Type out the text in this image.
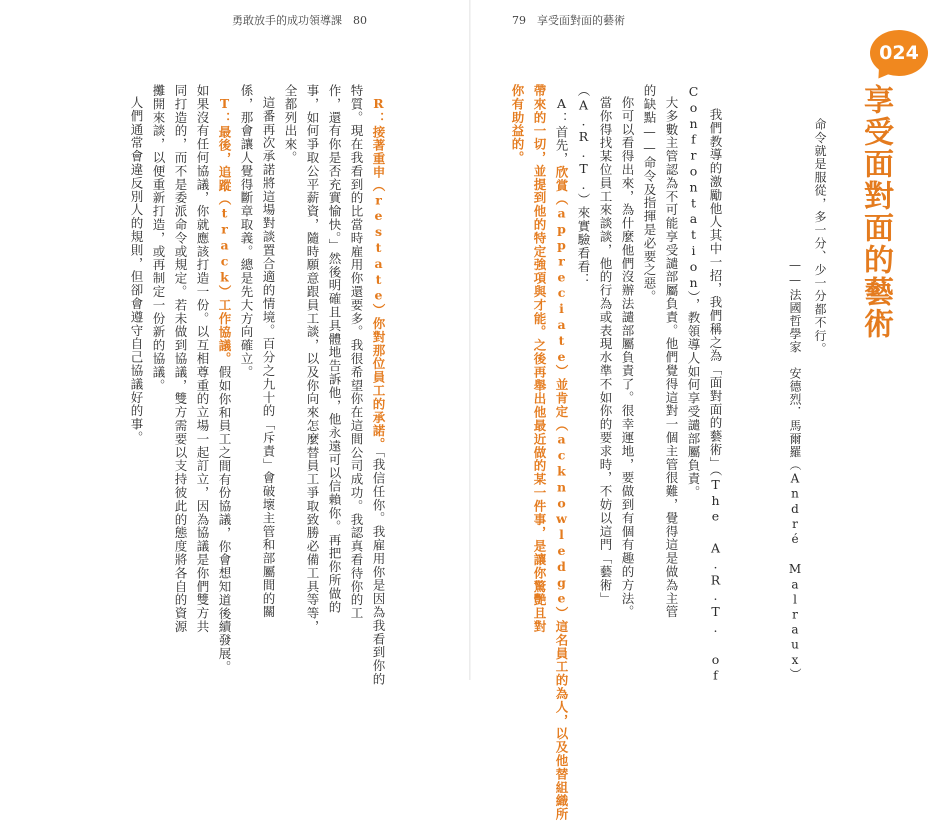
勇敢放手的成功領導課　80	79　享受面對面的藝術
024
享受面對面的藝術
命令就是服從，多一分、少一分都不行。
——法國哲學家　安德烈．馬爾羅（André Malraux）
我們教導的激勵他人其中一招，我們稱之為「面對面的藝術」（The A.R.T. of
Confrontation），教領導人如何享受譴部屬負責。
大多數主管認為不可能享受譴部屬負責。他們覺得這對一個主管很難，覺得這是做為主管
的缺點——命令及指揮是必要之惡。
你可以看得出來，為什麼他們沒辦法譴部屬負責了。很幸運地，要做到有個有趣的方法。
當你得找某位員工來談談，他的行為或表現水準不如你的要求時，不妨以這門「藝術」
（A.R.T.）來實驗看看：
A：首先，欣賞（appreciate）並肯定（acknowledge）這名員工的為人，以及他替組織所
帶來的一切，並提到他的特定強項與才能。之後再舉出他最近做的某一件事，是讓你驚艷且對
你有助益的。
R：接著重申（restate）你對那位員工的承諾。「我信任你。我雇用你是因為我看到你的
特質。現在我看到的比當時雇用你還要多。我很希望你在這間公司成功。我認真看待你的工
作，還有你是否充實愉快。」然後明確且具體地告訴他，他永遠可以信賴你。再把你所做的
事，如何爭取公平薪資，隨時願意跟員工談，以及你向來怎麼替員工爭取致勝必備工具等等，
全都列出來。
這番再次承諾將這場對談置合適的情境。百分之九十的「斥責」會破壞主管和部屬間的關
係，那會讓人覺得斷章取義。總是先大方向確立。
T：最後，追蹤（track）工作協議。假如你和員工之間有份協議，你會想知道後續發展。
如果沒有任何協議，你就應該打造一份。以互相尊重的立場一起訂立，因為協議是你們雙方共
同打造的，而不是委派命令或規定。若未做到協議，雙方需要以支持彼此的態度將各自的資源
攤開來談，以便重新打造，或再制定一份新的協議。
人們通常會違反別人的規則，但卻會遵守自己協議好的事。
